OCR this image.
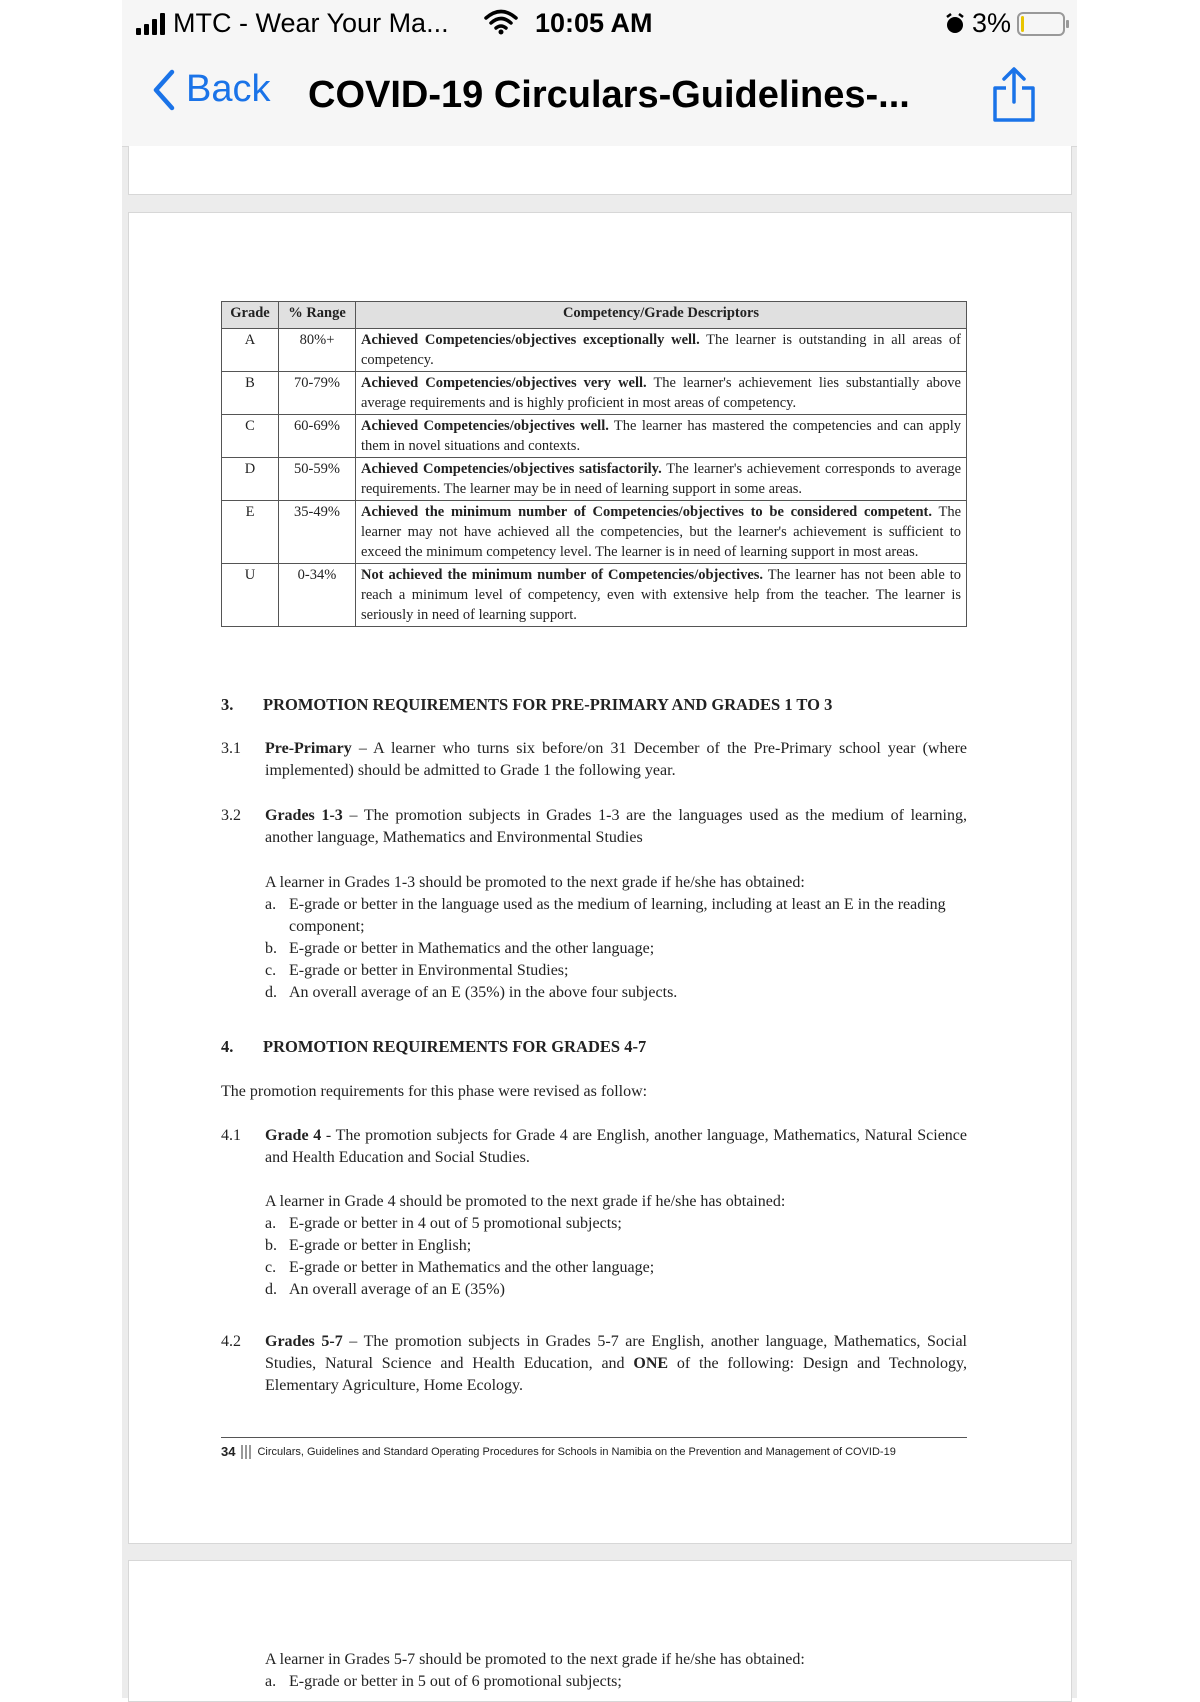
MTC - Wear Your Ma...	10:05 AM	3%
Back COVID-19 Circulars-Guidelines-...
Grade	% Range	Competency/Grade Descriptors
A	80%+	Achieved Competencies/objectives exceptionally well. The learner is outstanding in all areas of competency.
B	70-79%	Achieved Competencies/objectives very well. The learner's achievement lies substantially above average requirements and is highly proficient in most areas of competency.
C	60-69%	Achieved Competencies/objectives well. The learner has mastered the competencies and can apply them in novel situations and contexts.
D	50-59%	Achieved Competencies/objectives satisfactorily. The learner's achievement corresponds to average requirements. The learner may be in need of learning support in some areas.
E	35-49%	Achieved the minimum number of Competencies/objectives to be considered competent. The learner may not have achieved all the competencies, but the learner's achievement is sufficient to exceed the minimum competency level. The learner is in need of learning support in most areas.
U	0-34%	Not achieved the minimum number of Competencies/objectives. The learner has not been able to reach a minimum level of competency, even with extensive help from the teacher. The learner is seriously in need of learning support.
3. PROMOTION REQUIREMENTS FOR PRE-PRIMARY AND GRADES 1 TO 3
3.1 Pre-Primary – A learner who turns six before/on 31 December of the Pre-Primary school year (where implemented) should be admitted to Grade 1 the following year.
3.2 Grades 1-3 – The promotion subjects in Grades 1-3 are the languages used as the medium of learning, another language, Mathematics and Environmental Studies
A learner in Grades 1-3 should be promoted to the next grade if he/she has obtained:
a. E-grade or better in the language used as the medium of learning, including at least an E in the reading component;
b. E-grade or better in Mathematics and the other language;
c. E-grade or better in Environmental Studies;
d. An overall average of an E (35%) in the above four subjects.
4. PROMOTION REQUIREMENTS FOR GRADES 4-7
The promotion requirements for this phase were revised as follow:
4.1 Grade 4 - The promotion subjects for Grade 4 are English, another language, Mathematics, Natural Science and Health Education and Social Studies.
A learner in Grade 4 should be promoted to the next grade if he/she has obtained:
a. E-grade or better in 4 out of 5 promotional subjects;
b. E-grade or better in English;
c. E-grade or better in Mathematics and the other language;
d. An overall average of an E (35%)
4.2 Grades 5-7 – The promotion subjects in Grades 5-7 are English, another language, Mathematics, Social Studies, Natural Science and Health Education, and ONE of the following: Design and Technology, Elementary Agriculture, Home Ecology.
34 Circulars, Guidelines and Standard Operating Procedures for Schools in Namibia on the Prevention and Management of COVID-19
A learner in Grades 5-7 should be promoted to the next grade if he/she has obtained:
a. E-grade or better in 5 out of 6 promotional subjects;
